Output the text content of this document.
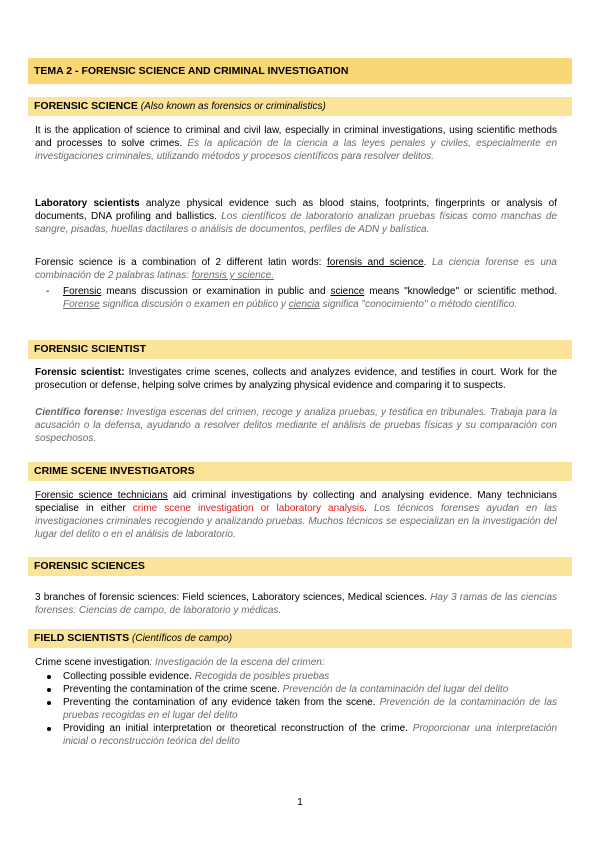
TEMA 2 - FORENSIC SCIENCE AND CRIMINAL INVESTIGATION
FORENSIC SCIENCE (Also known as forensics or criminalistics)
It is the application of science to criminal and civil law, especially in criminal investigations, using scientific methods and processes to solve crimes. Es la aplicación de la ciencia a las leyes penales y civiles, especialmente en investigaciones criminales, utilizando métodos y procesos científicos para resolver delitos.
Laboratory scientists analyze physical evidence such as blood stains, footprints, fingerprints or analysis of documents, DNA profiling and ballistics. Los científicos de laboratorio analizan pruebas físicas como manchas de sangre, pisadas, huellas dactilares o análisis de documentos, perfiles de ADN y balística.
Forensic science is a combination of 2 different latin words: forensis and science. La ciencia forense es una combinación de 2 palabras latinas: forensis y science.
- Forensic means discussion or examination in public and science means "knowledge" or scientific method. Forense significa discusión o examen en público y ciencia significa "conocimiento" o método científico.
FORENSIC SCIENTIST
Forensic scientist: Investigates crime scenes, collects and analyzes evidence, and testifies in court. Work for the prosecution or defense, helping solve crimes by analyzing physical evidence and comparing it to suspects.
Científico forense: Investiga escenas del crimen, recoge y analiza pruebas, y testifica en tribunales. Trabaja para la acusación o la defensa, ayudando a resolver delitos mediante el análisis de pruebas físicas y su comparación con sospechosos.
CRIME SCENE INVESTIGATORS
Forensic science technicians aid criminal investigations by collecting and analysing evidence. Many technicians specialise in either crime scene investigation or laboratory analysis. Los técnicos forenses ayudan en las investigaciones criminales recogiendo y analizando pruebas. Muchos técnicos se especializan en la investigación del lugar del delito o en el análisis de laboratorio.
FORENSIC SCIENCES
3 branches of forensic sciences: Field sciences, Laboratory sciences, Medical sciences. Hay 3 ramas de las ciencias forenses: Ciencias de campo, de laboratorio y médicas.
FIELD SCIENTISTS (Científicos de campo)
Crime scene investigation: Investigación de la escena del crimen:
Collecting possible evidence. Recogida de posibles pruebas
Preventing the contamination of the crime scene. Prevención de la contaminación del lugar del delito
Preventing the contamination of any evidence taken from the scene. Prevención de la contaminación de las pruebas recogidas en el lugar del delito
Providing an initial interpretation or theoretical reconstruction of the crime. Proporcionar una interpretación inicial o reconstrucción teórica del delito
1
